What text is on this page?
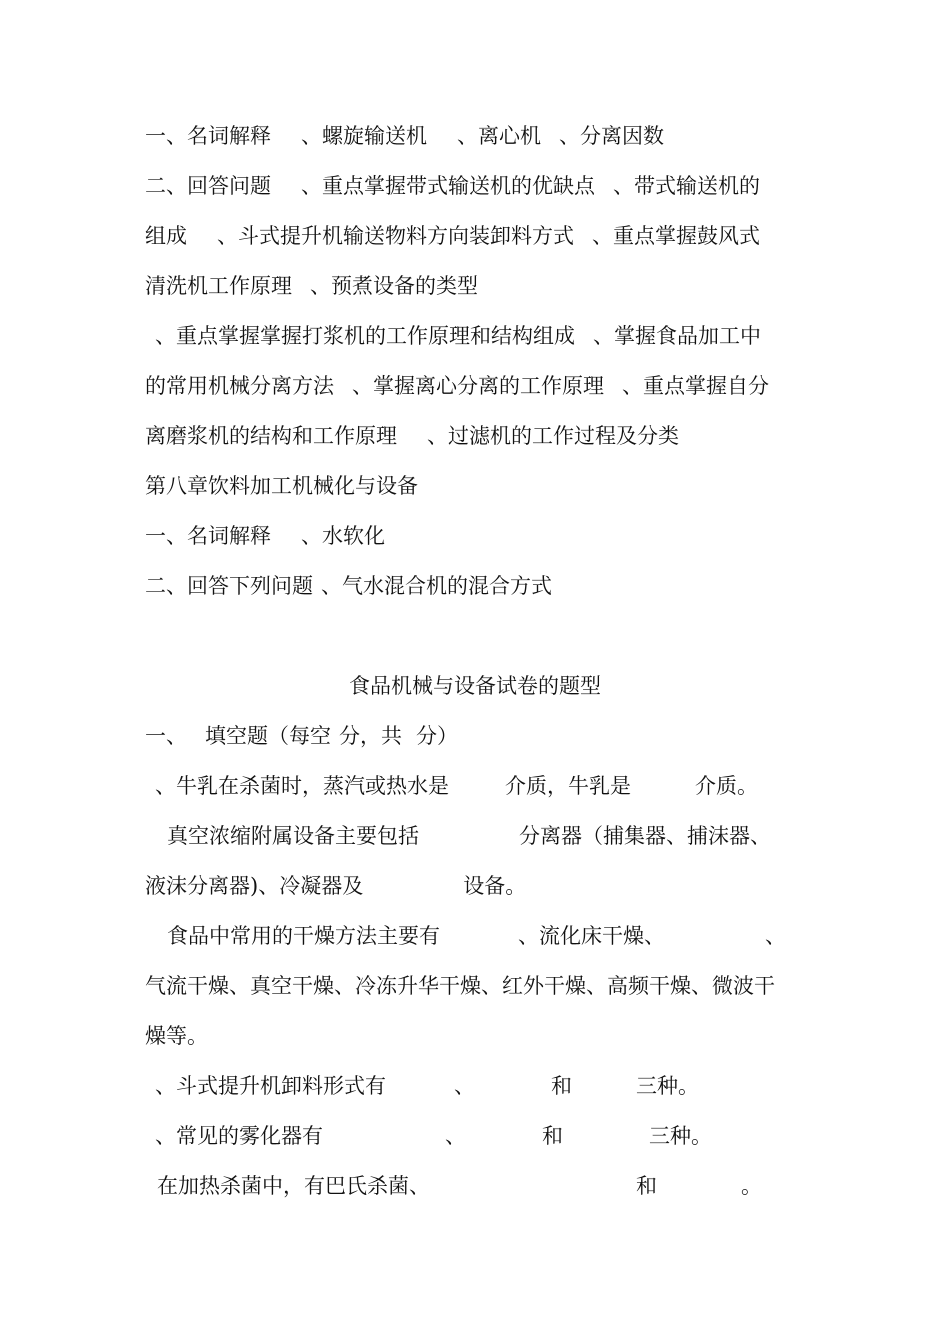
一、名词解释 、螺旋输送机 、离心机 、分离因数
二、回答问题 、重点掌握带式输送机的优缺点 、带式输送机的
组成 、斗式提升机输送物料方向装卸料方式 、重点掌握鼓风式
清洗机工作原理 、预煮设备的类型
、重点掌握掌握打浆机的工作原理和结构组成 、掌握食品加工中
的常用机械分离方法 、掌握离心分离的工作原理 、重点掌握自分
离磨浆机的结构和工作原理 、过滤机的工作过程及分类
第八章饮料加工机械化与设备
一、名词解释 、水软化
二、回答下列问题 、气水混合机的混合方式
食品机械与设备试卷的题型
一、 填空题（每空 分，共 分）
、牛乳在杀菌时，蒸汽或热水是	介质，牛乳是	介质。
真空浓缩附属设备主要包括	分离器（捕集器、捕沫器、
液沫分离器)、冷凝器及	设备。
食品中常用的干燥方法主要有	、流化床干燥、	、
气流干燥、真空干燥、冷冻升华干燥、红外干燥、高频干燥、微波干
燥等。
、斗式提升机卸料形式有	、	和	三种。
、常见的雾化器有	、	和	三种。
在加热杀菌中，有巴氏杀菌、	和	。
